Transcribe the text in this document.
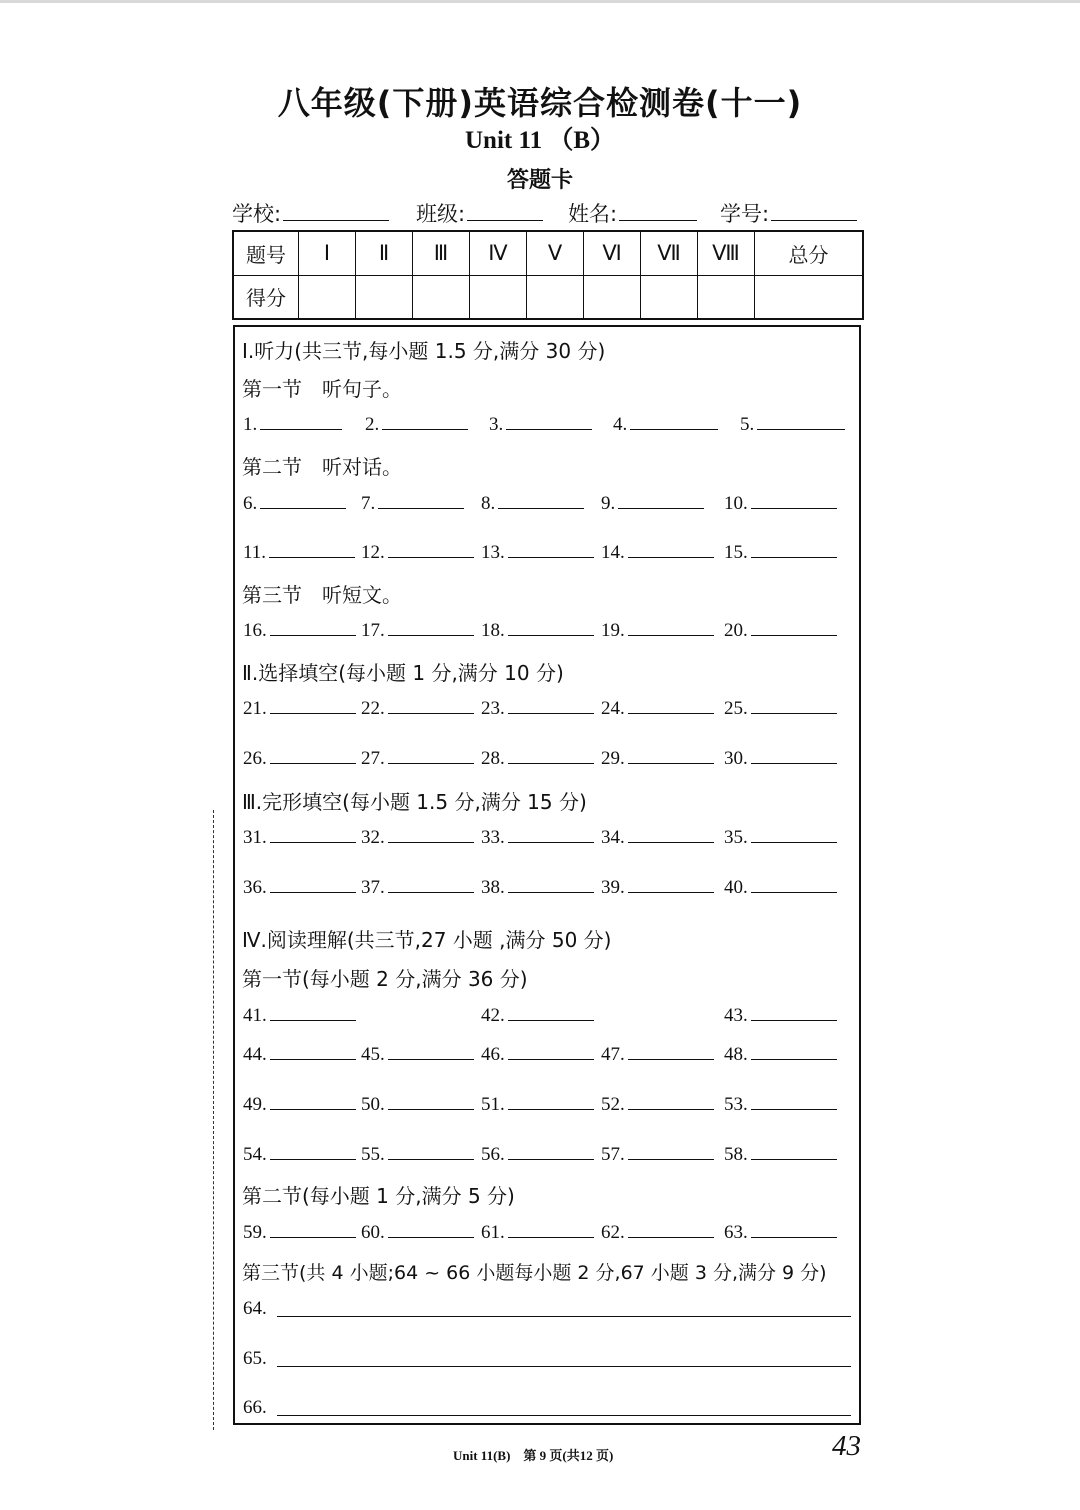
八年级(下册)英语综合检测卷(十一)
Unit 11 （B）
答题卡
学校:	班级:	姓名:	学号:
题号	Ⅰ	Ⅱ	Ⅲ	Ⅳ	Ⅴ	Ⅵ	Ⅶ	Ⅷ	总分
得分									
Ⅰ.听力(共三节,每小题 1.5 分,满分 30 分)
第一节　听句子。
1.	2.	3.	4.	5.
第二节　听对话。
6.	7.	8.	9.	10.
11.	12.	13.	14.	15.
第三节　听短文。
16.	17.	18.	19.	20.
Ⅱ.选择填空(每小题 1 分,满分 10 分)
21.	22.	23.	24.	25.
26.	27.	28.	29.	30.
Ⅲ.完形填空(每小题 1.5 分,满分 15 分)
31.	32.	33.	34.	35.
36.	37.	38.	39.	40.
Ⅳ.阅读理解(共三节,27 小题 ,满分 50 分)
第一节(每小题 2 分,满分 36 分)
41.	42.	43.
44.	45.	46.	47.	48.
49.	50.	51.	52.	53.
54.	55.	56.	57.	58.
第二节(每小题 1 分,满分 5 分)
59.	60.	61.	62.	63.
第三节(共 4 小题;64 ~ 66 小题每小题 2 分,67 小题 3 分,满分 9 分)
64.
65.
66.
Unit 11(B)　第 9 页(共12 页)	43
